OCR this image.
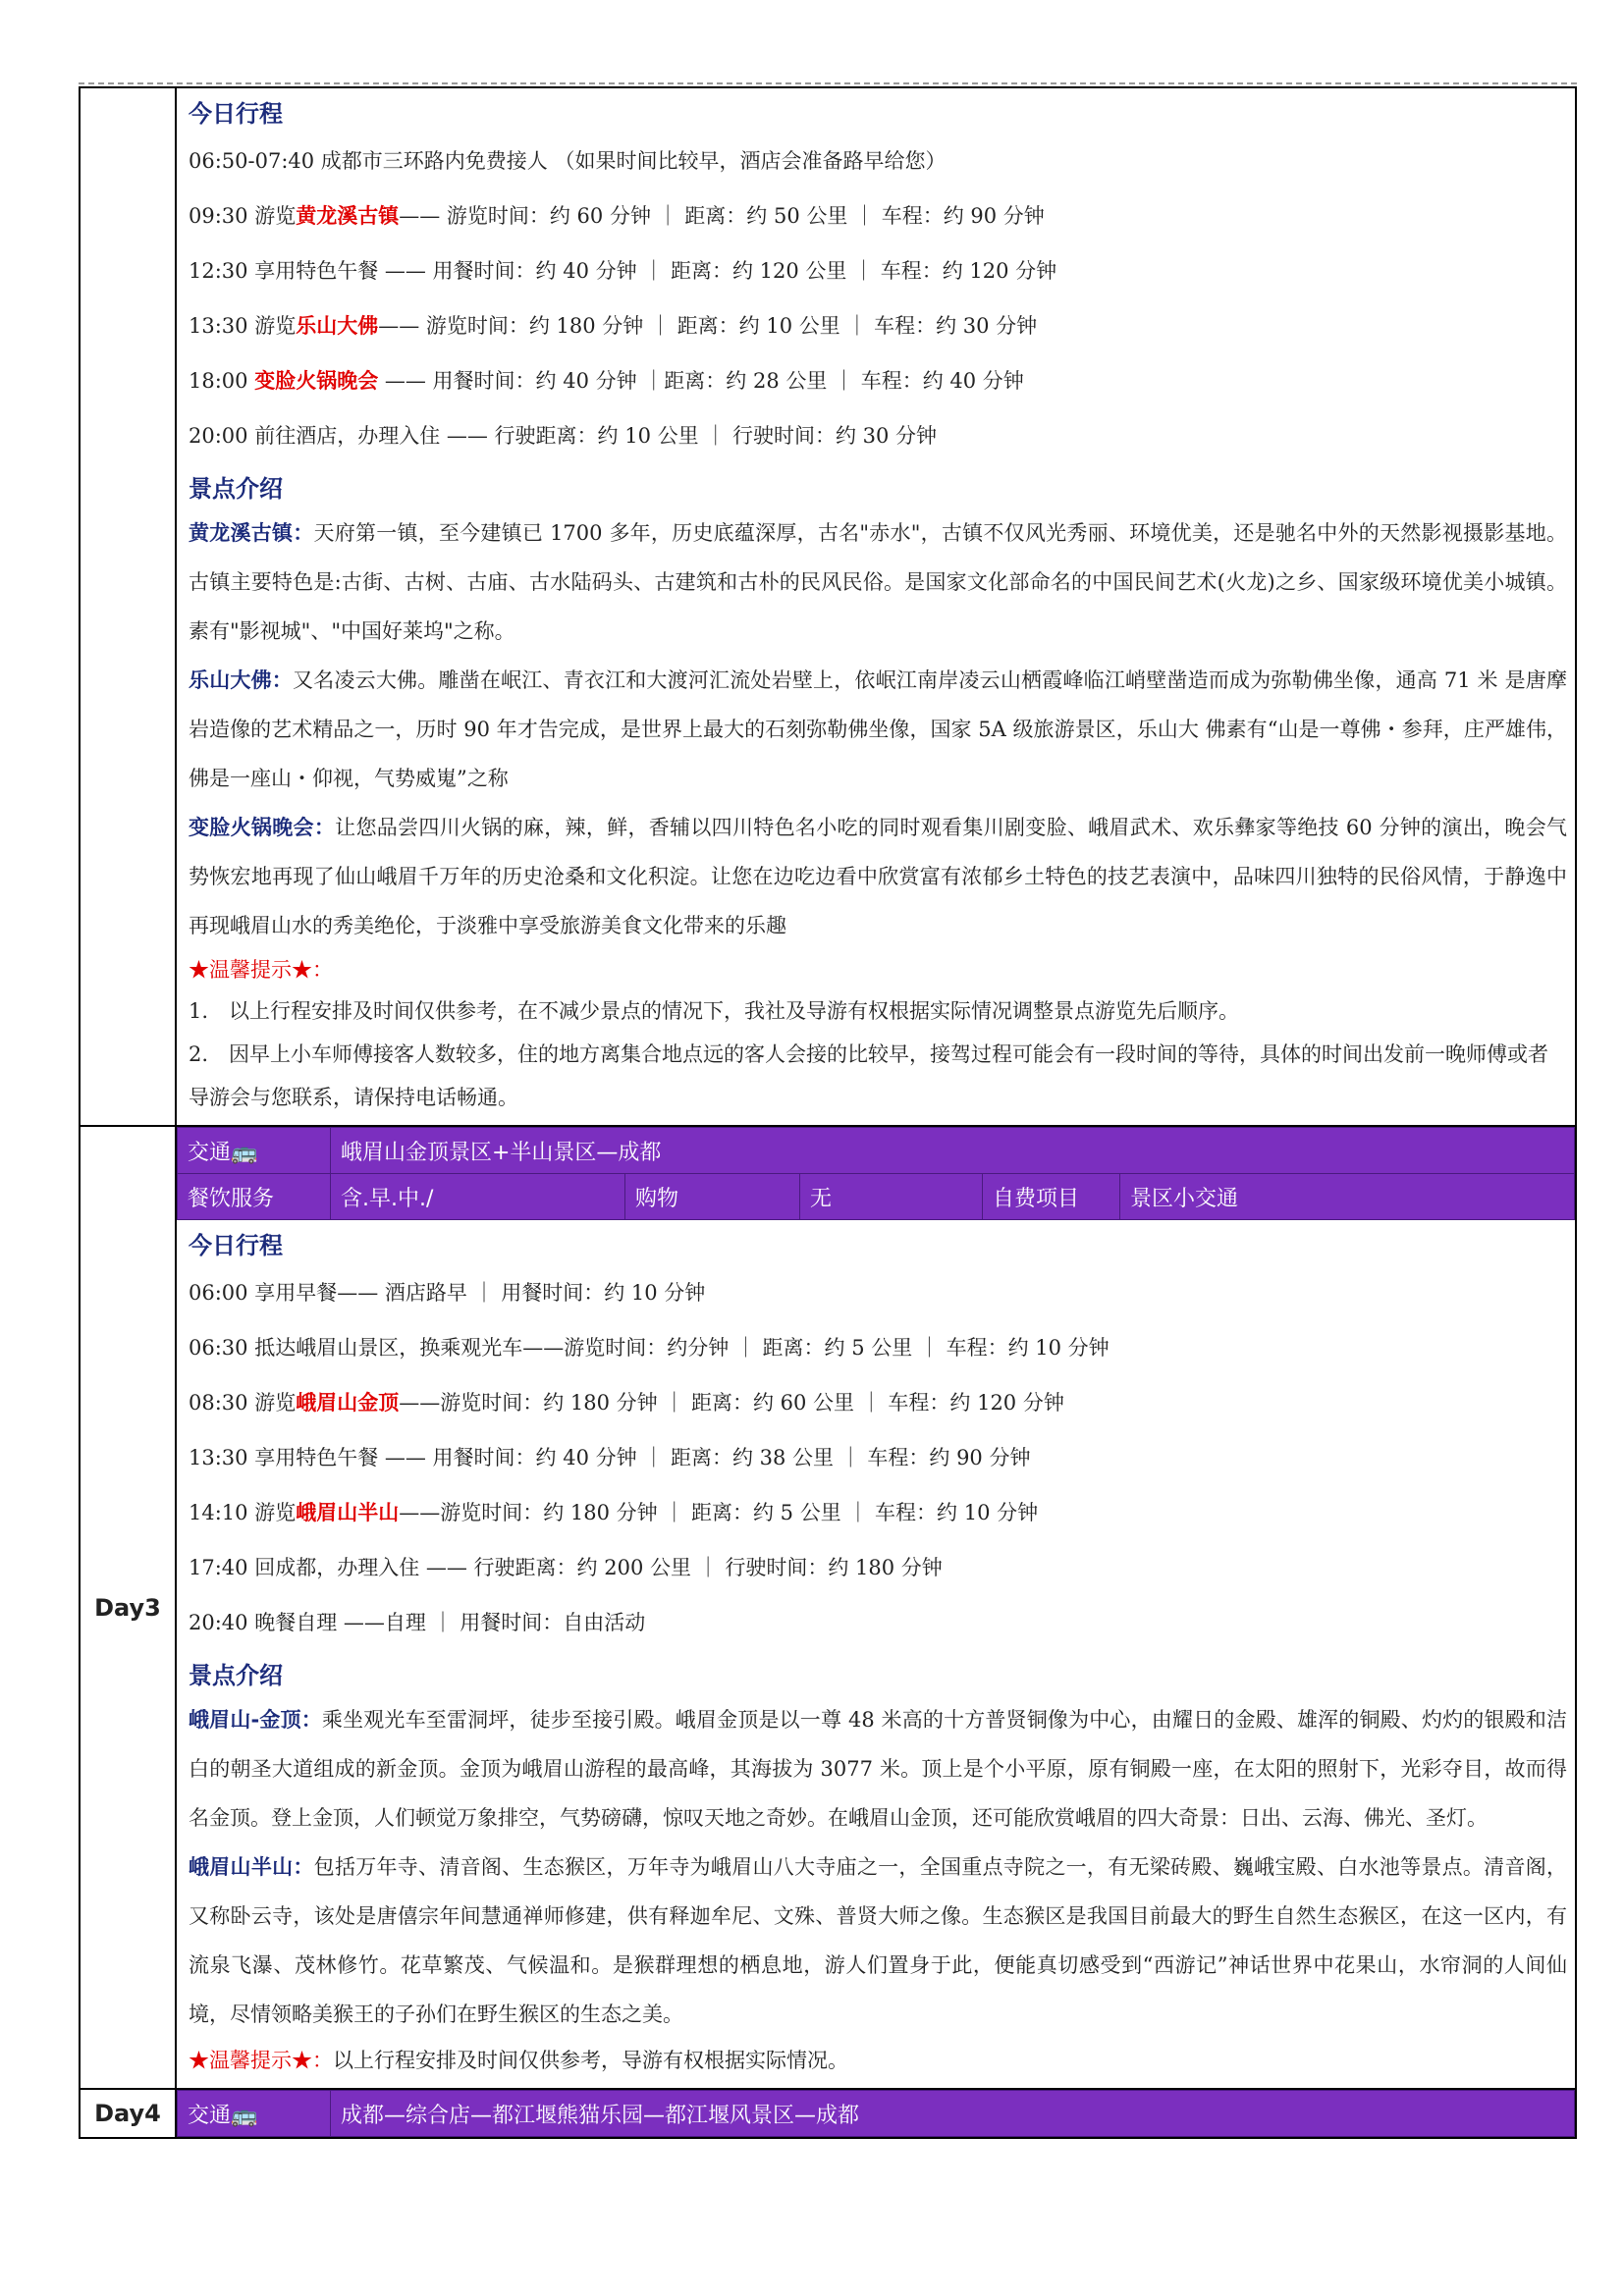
今日行程
06:50-07:40 成都市三环路内免费接人 （如果时间比较早，酒店会准备路早给您）
09:30 游览黄龙溪古镇—— 游览时间：约 60 分钟 ｜ 距离：约 50 公里 ｜ 车程：约 90 分钟
12:30 享用特色午餐 —— 用餐时间：约 40 分钟 ｜ 距离：约 120 公里 ｜ 车程：约 120 分钟
13:30 游览乐山大佛—— 游览时间：约 180 分钟 ｜ 距离：约 10 公里 ｜ 车程：约 30 分钟
18:00 变脸火锅晚会 —— 用餐时间：约 40 分钟 ｜距离：约 28 公里 ｜ 车程：约 40 分钟
20:00 前往酒店，办理入住 —— 行驶距离：约 10 公里 ｜ 行驶时间：约 30 分钟
景点介绍
黄龙溪古镇：天府第一镇，至今建镇已 1700 多年，历史底蕴深厚，古名"赤水"，古镇不仅风光秀丽、环境优美，还是驰名中外的天然影视摄影基地。古镇主要特色是:古街、古树、古庙、古水陆码头、古建筑和古朴的民风民俗。是国家文化部命名的中国民间艺术(火龙)之乡、国家级环境优美小城镇。素有"影视城"、"中国好莱坞"之称。
乐山大佛：又名凌云大佛。雕凿在岷江、青衣江和大渡河汇流处岩壁上，依岷江南岸凌云山栖霞峰临江峭壁凿造而成为弥勒佛坐像，通高 71 米 是唐摩岩造像的艺术精品之一，历时 90 年才告完成，是世界上最大的石刻弥勒佛坐像，国家 5A 级旅游景区，乐山大 佛素有“山是一尊佛・参拜，庄严雄伟，佛是一座山・仰视，气势威嵬”之称
变脸火锅晚会：让您品尝四川火锅的麻，辣，鲜，香辅以四川特色名小吃的同时观看集川剧变脸、峨眉武术、欢乐彝家等绝技 60 分钟的演出，晚会气势恢宏地再现了仙山峨眉千万年的历史沧桑和文化积淀。让您在边吃边看中欣赏富有浓郁乡土特色的技艺表演中，品味四川独特的民俗风情，于静逸中再现峨眉山水的秀美绝伦，于淡雅中享受旅游美食文化带来的乐趣
★温馨提示★：
1.　以上行程安排及时间仅供参考，在不减少景点的情况下，我社及导游有权根据实际情况调整景点游览先后顺序。
2.　因早上小车师傅接客人数较多，住的地方离集合地点远的客人会接的比较早，接驾过程可能会有一段时间的等待，具体的时间出发前一晚师傅或者导游会与您联系，请保持电话畅通。

Day3	
交通🚌	峨眉山金顶景区+半山景区—成都
餐饮服务	含.早.中./	购物	无	自费项目	景区小交通
今日行程
06:00 享用早餐—— 酒店路早 ｜ 用餐时间：约 10 分钟
06:30 抵达峨眉山景区，换乘观光车——游览时间：约分钟 ｜ 距离：约 5 公里 ｜ 车程：约 10 分钟
08:30 游览峨眉山金顶——游览时间：约 180 分钟 ｜ 距离：约 60 公里 ｜ 车程：约 120 分钟
13:30 享用特色午餐 —— 用餐时间：约 40 分钟 ｜ 距离：约 38 公里 ｜ 车程：约 90 分钟
14:10 游览峨眉山半山——游览时间：约 180 分钟 ｜ 距离：约 5 公里 ｜ 车程：约 10 分钟
17:40 回成都，办理入住 —— 行驶距离：约 200 公里 ｜ 行驶时间：约 180 分钟
20:40 晚餐自理 ——自理 ｜ 用餐时间：自由活动
景点介绍
峨眉山-金顶：乘坐观光车至雷洞坪，徒步至接引殿。峨眉金顶是以一尊 48 米高的十方普贤铜像为中心，由耀日的金殿、雄浑的铜殿、灼灼的银殿和洁白的朝圣大道组成的新金顶。金顶为峨眉山游程的最高峰，其海拔为 3077 米。顶上是个小平原，原有铜殿一座，在太阳的照射下，光彩夺目，故而得名金顶。登上金顶，人们顿觉万象排空，气势磅礴，惊叹天地之奇妙。在峨眉山金顶，还可能欣赏峨眉的四大奇景：日出、云海、佛光、圣灯。
峨眉山半山：包括万年寺、清音阁、生态猴区，万年寺为峨眉山八大寺庙之一，全国重点寺院之一，有无梁砖殿、巍峨宝殿、白水池等景点。清音阁，又称卧云寺，该处是唐僖宗年间慧通禅师修建，供有释迦牟尼、文殊、普贤大师之像。生态猴区是我国目前最大的野生自然生态猴区，在这一区内，有流泉飞瀑、茂林修竹。花草繁茂、气候温和。是猴群理想的栖息地，游人们置身于此，便能真切感受到“西游记”神话世界中花果山，水帘洞的人间仙境，尽情领略美猴王的子孙们在野生猴区的生态之美。
★温馨提示★：以上行程安排及时间仅供参考，导游有权根据实际情况。

Day4	交通🚌	成都—综合店—都江堰熊猫乐园—都江堰风景区—成都
